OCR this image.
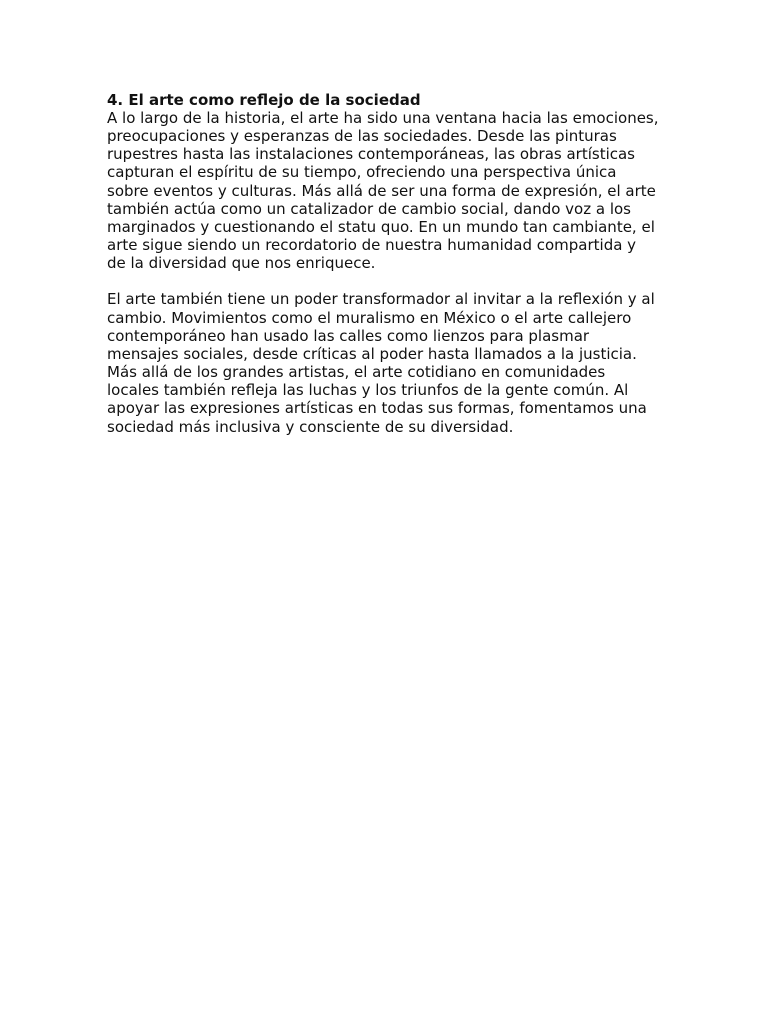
4. El arte como reflejo de la sociedad

A lo largo de la historia, el arte ha sido una ventana hacia las emociones,
preocupaciones y esperanzas de las sociedades. Desde las pinturas
rupestres hasta las instalaciones contemporáneas, las obras artísticas
capturan el espíritu de su tiempo, ofreciendo una perspectiva única
sobre eventos y culturas. Más allá de ser una forma de expresión, el arte
también actúa como un catalizador de cambio social, dando voz a los
marginados y cuestionando el statu quo. En un mundo tan cambiante, el
arte sigue siendo un recordatorio de nuestra humanidad compartida y
de la diversidad que nos enriquece.

El arte también tiene un poder transformador al invitar a la reflexión y al
cambio. Movimientos como el muralismo en México o el arte callejero
contemporáneo han usado las calles como lienzos para plasmar
mensajes sociales, desde críticas al poder hasta llamados a la justicia.
Más allá de los grandes artistas, el arte cotidiano en comunidades
locales también refleja las luchas y los triunfos de la gente común. Al
apoyar las expresiones artísticas en todas sus formas, fomentamos una
sociedad más inclusiva y consciente de su diversidad.
